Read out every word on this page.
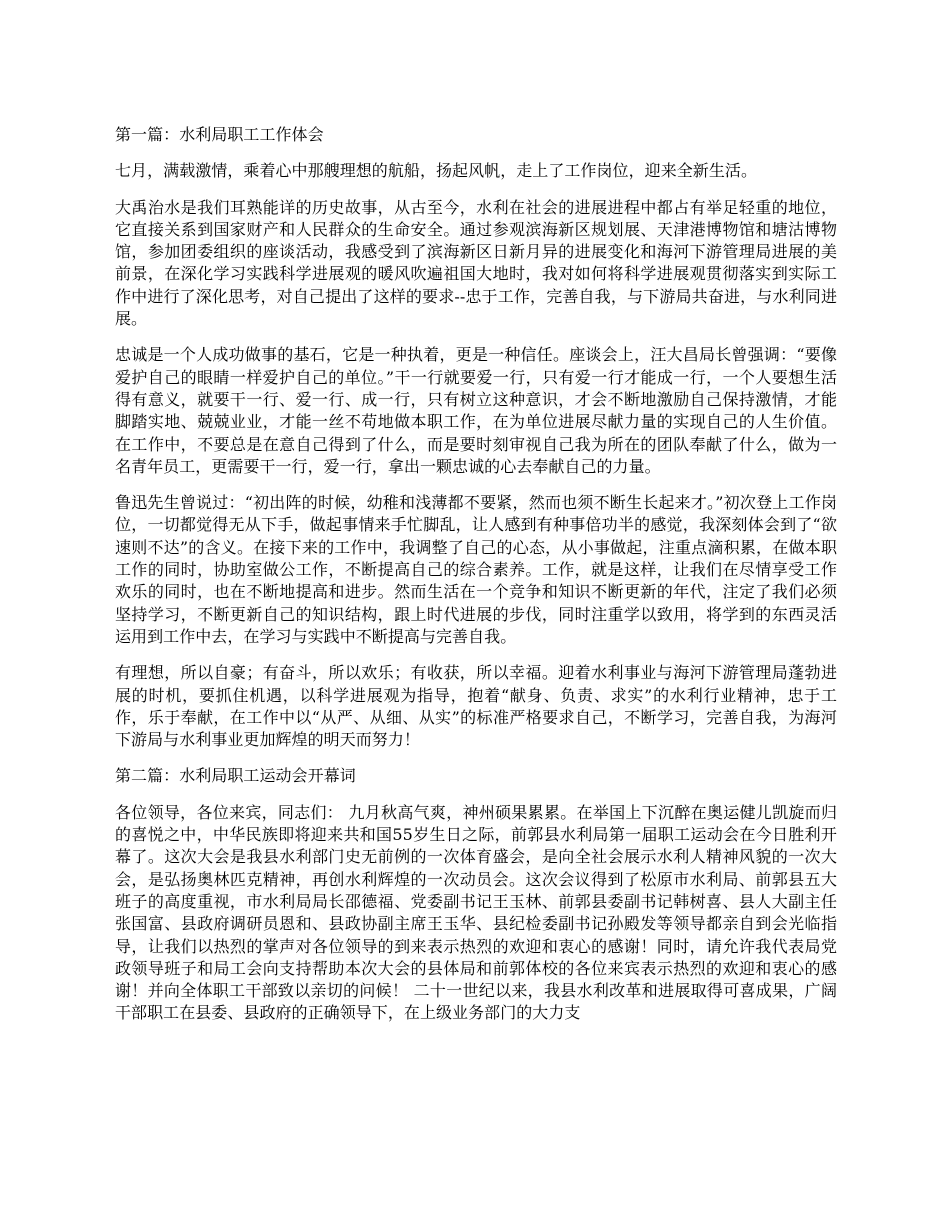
第一篇：水利局职工工作体会

七月，满载激情，乘着心中那艘理想的航船，扬起风帆，走上了工作岗位，迎来全新生活。

大禹治水是我们耳熟能详的历史故事，从古至今，水利在社会的进展进程中都占有举足轻重的地位，它直接关系到国家财产和人民群众的生命安全。通过参观滨海新区规划展、天津港博物馆和塘沽博物馆，参加团委组织的座谈活动，我感受到了滨海新区日新月异的进展变化和海河下游管理局进展的美前景，在深化学习实践科学进展观的暖风吹遍祖国大地时，我对如何将科学进展观贯彻落实到实际工作中进行了深化思考，对自己提出了这样的要求--忠于工作，完善自我，与下游局共奋进，与水利同进展。

忠诚是一个人成功做事的基石，它是一种执着，更是一种信任。座谈会上，汪大昌局长曾强调：“要像爱护自己的眼睛一样爱护自己的单位。”干一行就要爱一行，只有爱一行才能成一行，一个人要想生活得有意义，就要干一行、爱一行、成一行，只有树立这种意识，才会不断地激励自己保持激情，才能脚踏实地、兢兢业业，才能一丝不苟地做本职工作，在为单位进展尽献力量的实现自己的人生价值。在工作中，不要总是在意自己得到了什么，而是要时刻审视自己我为所在的团队奉献了什么，做为一名青年员工，更需要干一行，爱一行，拿出一颗忠诚的心去奉献自己的力量。

鲁迅先生曾说过：“初出阵的时候，幼稚和浅薄都不要紧，然而也须不断生长起来才。”初次登上工作岗位，一切都觉得无从下手，做起事情来手忙脚乱，让人感到有种事倍功半的感觉，我深刻体会到了“欲速则不达”的含义。在接下来的工作中，我调整了自己的心态，从小事做起，注重点滴积累，在做本职工作的同时，协助室做公工作，不断提高自己的综合素养。工作，就是这样，让我们在尽情享受工作欢乐的同时，也在不断地提高和进步。然而生活在一个竞争和知识不断更新的年代，注定了我们必须坚持学习，不断更新自己的知识结构，跟上时代进展的步伐，同时注重学以致用，将学到的东西灵活运用到工作中去，在学习与实践中不断提高与完善自我。

有理想，所以自豪；有奋斗，所以欢乐；有收获，所以幸福。迎着水利事业与海河下游管理局蓬勃进展的时机，要抓住机遇，以科学进展观为指导，抱着“献身、负责、求实”的水利行业精神，忠于工作，乐于奉献，在工作中以“从严、从细、从实”的标准严格要求自己，不断学习，完善自我，为海河下游局与水利事业更加辉煌的明天而努力！

第二篇：水利局职工运动会开幕词

各位领导，各位来宾，同志们： 九月秋高气爽，神州硕果累累。在举国上下沉醉在奥运健儿凯旋而归的喜悦之中，中华民族即将迎来共和国55岁生日之际，前郭县水利局第一届职工运动会在今日胜利开幕了。这次大会是我县水利部门史无前例的一次体育盛会，是向全社会展示水利人精神风貌的一次大会，是弘扬奥林匹克精神，再创水利辉煌的一次动员会。这次会议得到了松原市水利局、前郭县五大班子的高度重视，市水利局局长邵德福、党委副书记王玉林、前郭县委副书记韩树喜、县人大副主任张国富、县政府调研员恩和、县政协副主席王玉华、县纪检委副书记孙殿发等领导都亲自到会光临指导，让我们以热烈的掌声对各位领导的到来表示热烈的欢迎和衷心的感谢！同时，请允许我代表局党政领导班子和局工会向支持帮助本次大会的县体局和前郭体校的各位来宾表示热烈的欢迎和衷心的感谢！并向全体职工干部致以亲切的问候！ 二十一世纪以来，我县水利改革和进展取得可喜成果，广阔干部职工在县委、县政府的正确领导下，在上级业务部门的大力支
